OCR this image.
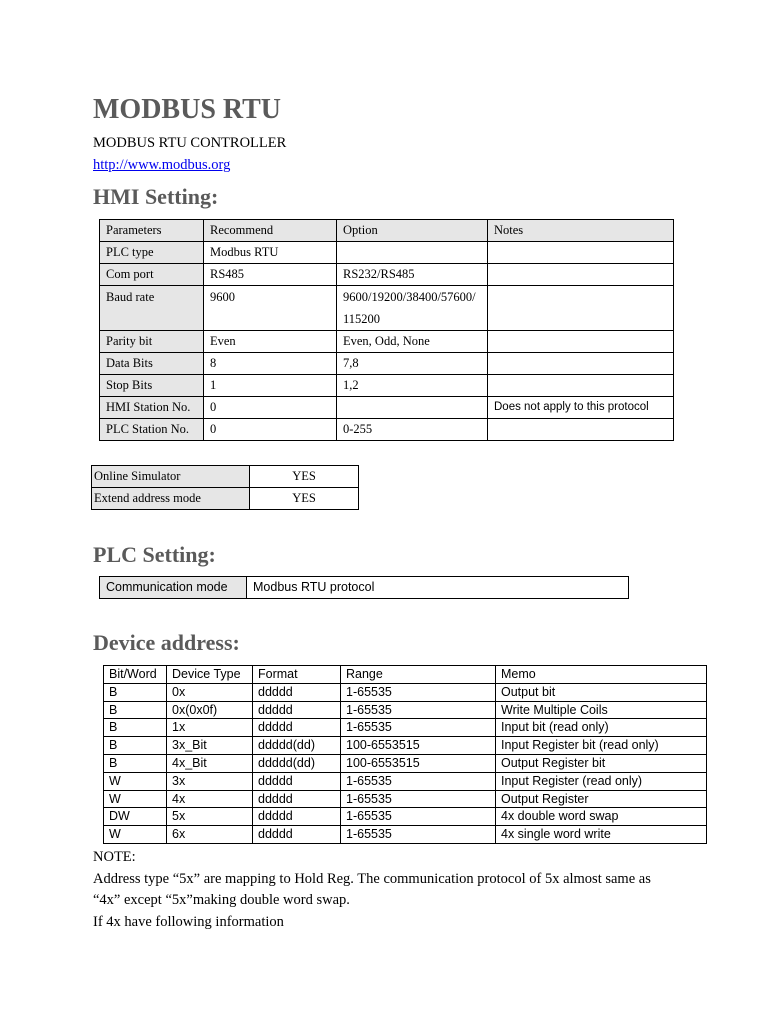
MODBUS RTU
MODBUS RTU CONTROLLER
http://www.modbus.org
HMI Setting:
Parameters	Recommend	Option	Notes
PLC type	Modbus RTU		
Com port	RS485	RS232/RS485	
Baud rate	9600	9600/19200/38400/57600/ 115200	
Parity bit	Even	Even, Odd, None	
Data Bits	8	7,8	
Stop Bits	1	1,2	
HMI Station No.	0		Does not apply to this protocol
PLC Station No.	0	0-255	
Online Simulator	YES
Extend address mode	YES
PLC Setting:
Communication mode	Modbus RTU protocol
Device address:
Bit/Word	Device Type	Format	Range	Memo
B	0x	ddddd	1-65535	Output bit
B	0x(0x0f)	ddddd	1-65535	Write Multiple Coils
B	1x	ddddd	1-65535	Input bit (read only)
B	3x_Bit	ddddd(dd)	100-6553515	Input Register bit (read only)
B	4x_Bit	ddddd(dd)	100-6553515	Output Register bit
W	3x	ddddd	1-65535	Input Register (read only)
W	4x	ddddd	1-65535	Output Register
DW	5x	ddddd	1-65535	4x double word swap
W	6x	ddddd	1-65535	4x single word write
NOTE:
Address type “5x” are mapping to Hold Reg. The communication protocol of 5x almost same as
“4x” except “5x”making double word swap.
If 4x have following information
